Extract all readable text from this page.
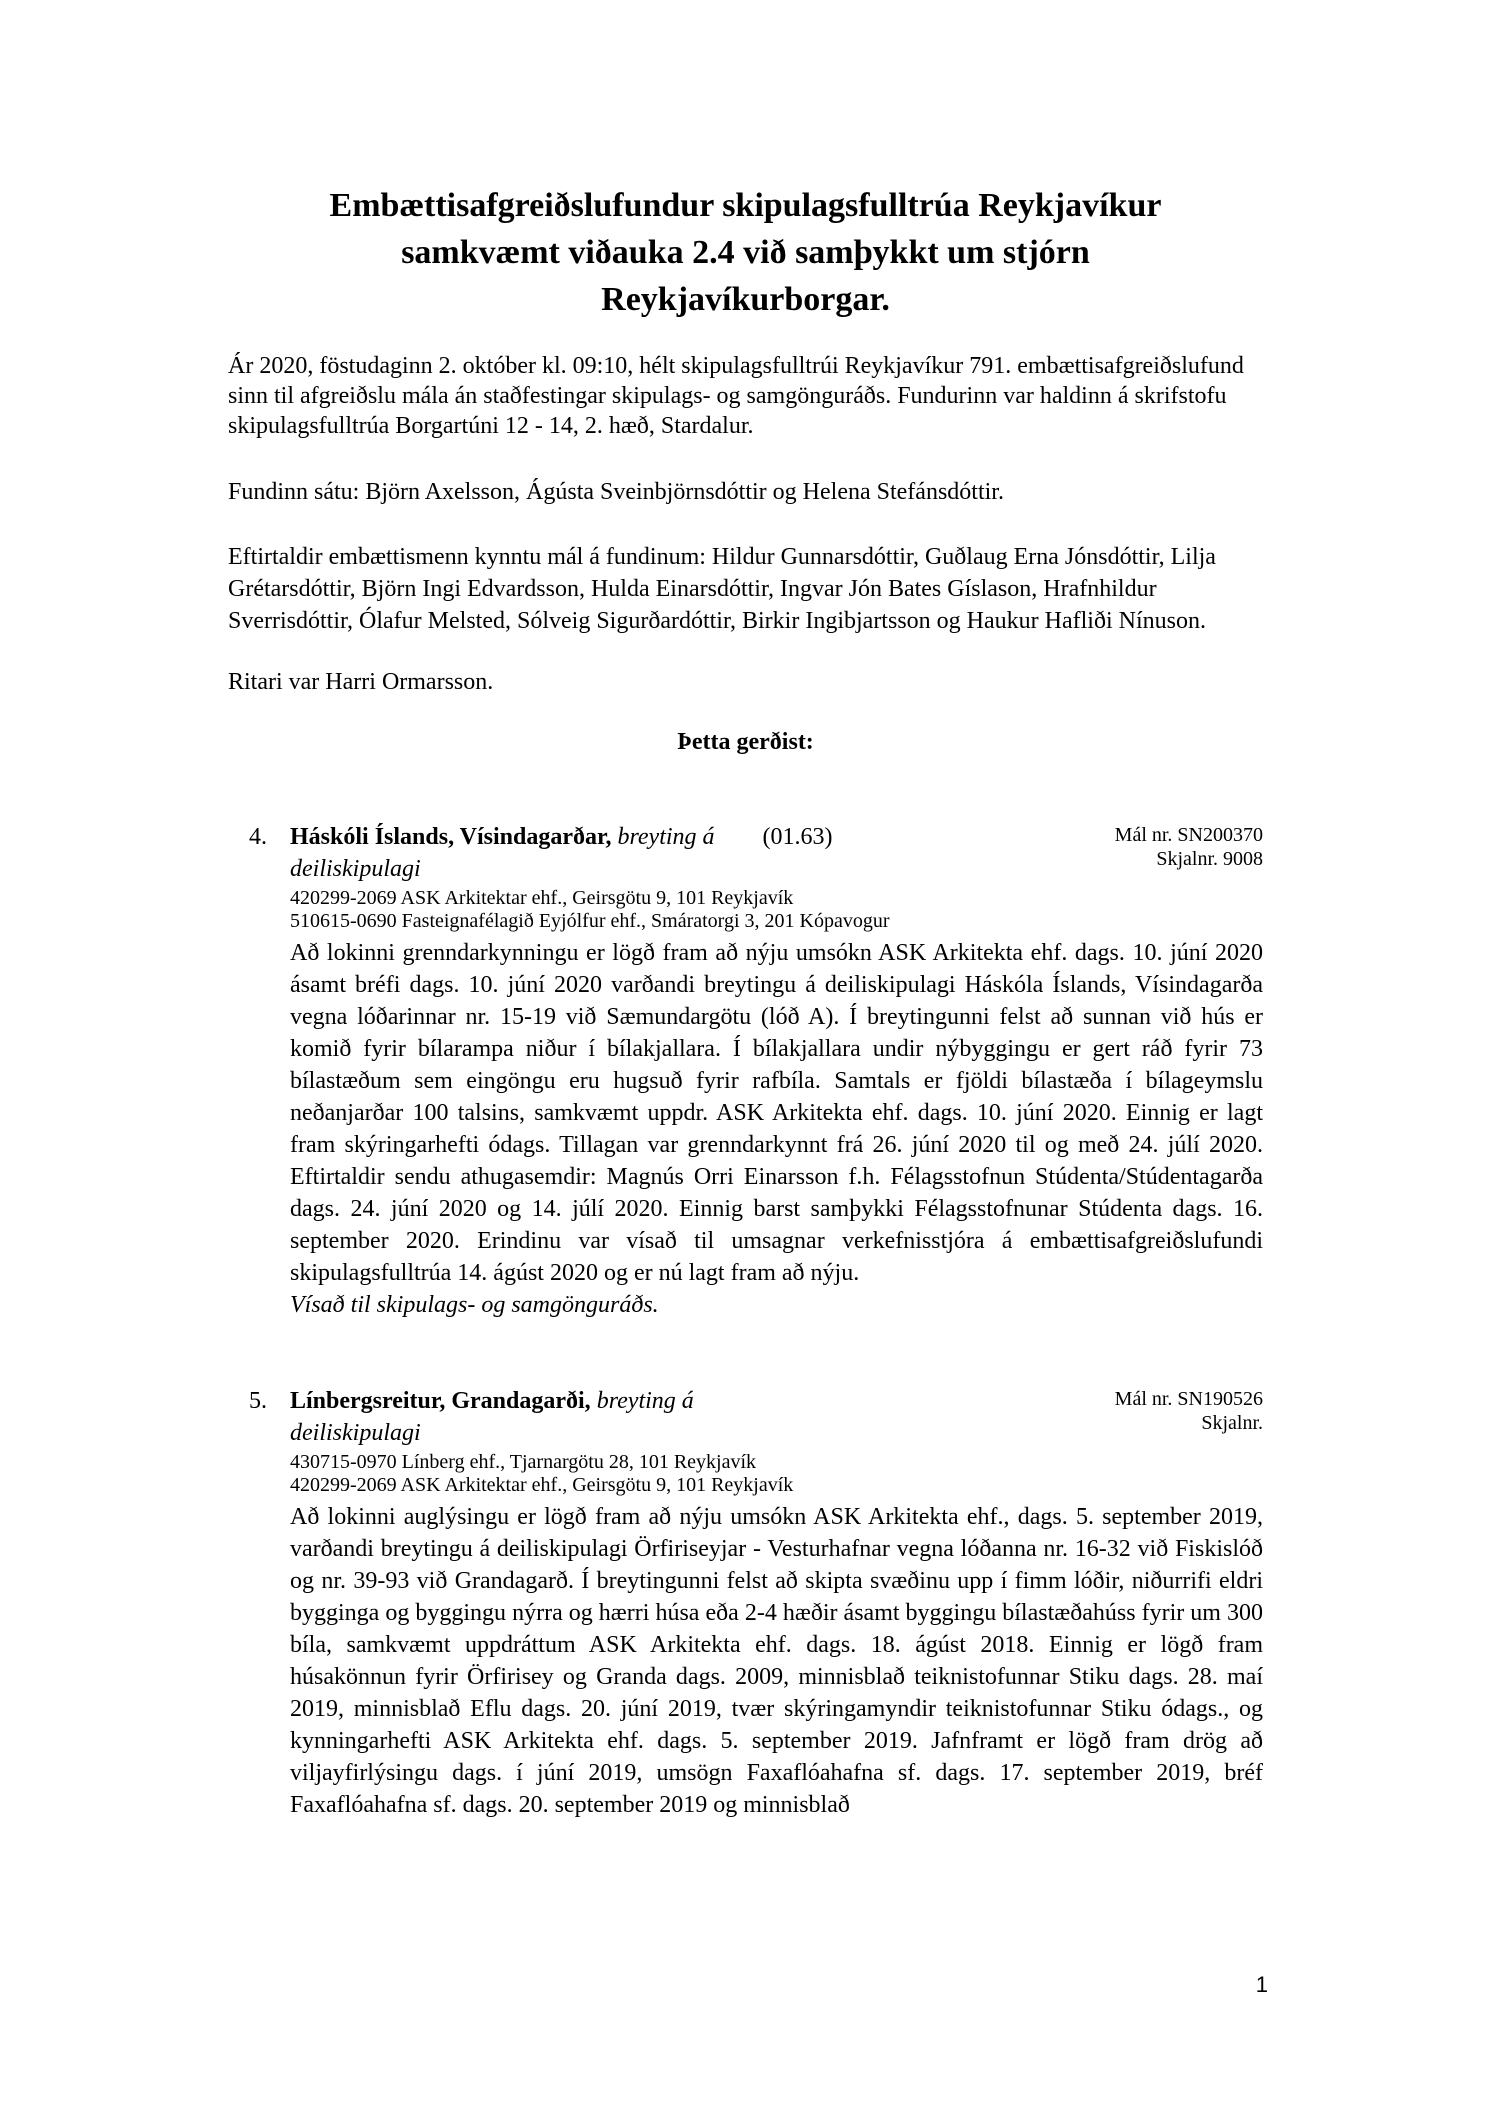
Embættisafgreiðslufundur skipulagsfulltrúa Reykjavíkur
samkvæmt viðauka 2.4 við samþykkt um stjórn
Reykjavíkurborgar.

Ár 2020, föstudaginn 2. október kl. 09:10, hélt skipulagsfulltrúi Reykjavíkur 791. embættisafgreiðslufund sinn til afgreiðslu mála án staðfestingar skipulags- og samgönguráðs. Fundurinn var haldinn á skrifstofu skipulagsfulltrúa Borgartúni 12 - 14, 2. hæð, Stardalur.

Fundinn sátu: Björn Axelsson, Ágústa Sveinbjörnsdóttir og Helena Stefánsdóttir.

Eftirtaldir embættismenn kynntu mál á fundinum: Hildur Gunnarsdóttir, Guðlaug Erna Jónsdóttir, Lilja Grétarsdóttir, Björn Ingi Edvardsson, Hulda Einarsdóttir, Ingvar Jón Bates Gíslason, Hrafnhildur Sverrisdóttir, Ólafur Melsted, Sólveig Sigurðardóttir, Birkir Ingibjartsson og Haukur Hafliði Nínuson.

Ritari var Harri Ormarsson.

Þetta gerðist:
4. Háskóli Íslands, Vísindagarðar, breyting á (01.63)
deiliskipulagi
Mál nr. SN200370
Skjalnr. 9008
420299-2069 ASK Arkitektar ehf., Geirsgötu 9, 101 Reykjavík
510615-0690 Fasteignafélagið Eyjólfur ehf., Smáratorgi 3, 201 Kópavogur
Að lokinni grenndarkynningu er lögð fram að nýju umsókn ASK Arkitekta ehf. dags. 10. júní 2020 ásamt bréfi dags. 10. júní 2020 varðandi breytingu á deiliskipulagi Háskóla Íslands, Vísindagarða vegna lóðarinnar nr. 15-19 við Sæmundargötu (lóð A). Í breytingunni felst að sunnan við hús er komið fyrir bílarampa niður í bílakjallara. Í bílakjallara undir nýbyggingu er gert ráð fyrir 73 bílastæðum sem eingöngu eru hugsuð fyrir rafbíla. Samtals er fjöldi bílastæða í bílageymslu neðanjarðar 100 talsins, samkvæmt uppdr. ASK Arkitekta ehf. dags. 10. júní 2020. Einnig er lagt fram skýringarhefti ódags. Tillagan var grenndarkynnt frá 26. júní 2020 til og með 24. júlí 2020. Eftirtaldir sendu athugasemdir: Magnús Orri Einarsson f.h. Félagsstofnun Stúdenta/Stúdentagarða dags. 24. júní 2020 og 14. júlí 2020. Einnig barst samþykki Félagsstofnunar Stúdenta dags. 16. september 2020. Erindinu var vísað til umsagnar verkefnisstjóra á embættisafgreiðslufundi skipulagsfulltrúa 14. ágúst 2020 og er nú lagt fram að nýju.
Vísað til skipulags- og samgönguráðs.
5. Línbergsreitur, Grandagarði, breyting á
deiliskipulagi
Mál nr. SN190526
Skjalnr.
430715-0970 Línberg ehf., Tjarnargötu 28, 101 Reykjavík
420299-2069 ASK Arkitektar ehf., Geirsgötu 9, 101 Reykjavík
Að lokinni auglýsingu er lögð fram að nýju umsókn ASK Arkitekta ehf., dags. 5. september 2019, varðandi breytingu á deiliskipulagi Örfiriseyjar - Vesturhafnar vegna lóðanna nr. 16-32 við Fiskislóð og nr. 39-93 við Grandagarð. Í breytingunni felst að skipta svæðinu upp í fimm lóðir, niðurrifi eldri bygginga og byggingu nýrra og hærri húsa eða 2-4 hæðir ásamt byggingu bílastæðahúss fyrir um 300 bíla, samkvæmt uppdráttum ASK Arkitekta ehf. dags. 18. ágúst 2018. Einnig er lögð fram húsakönnun fyrir Örfirisey og Granda dags. 2009, minnisblað teiknistofunnar Stiku dags. 28. maí 2019, minnisblað Eflu dags. 20. júní 2019, tvær skýringamyndir teiknistofunnar Stiku ódags., og kynningarhefti ASK Arkitekta ehf. dags. 5. september 2019. Jafnframt er lögð fram drög að viljayfirlýsingu dags. í júní 2019, umsögn Faxaflóahafna sf. dags. 17. september 2019, bréf Faxaflóahafna sf. dags. 20. september 2019 og minnisblað
1
